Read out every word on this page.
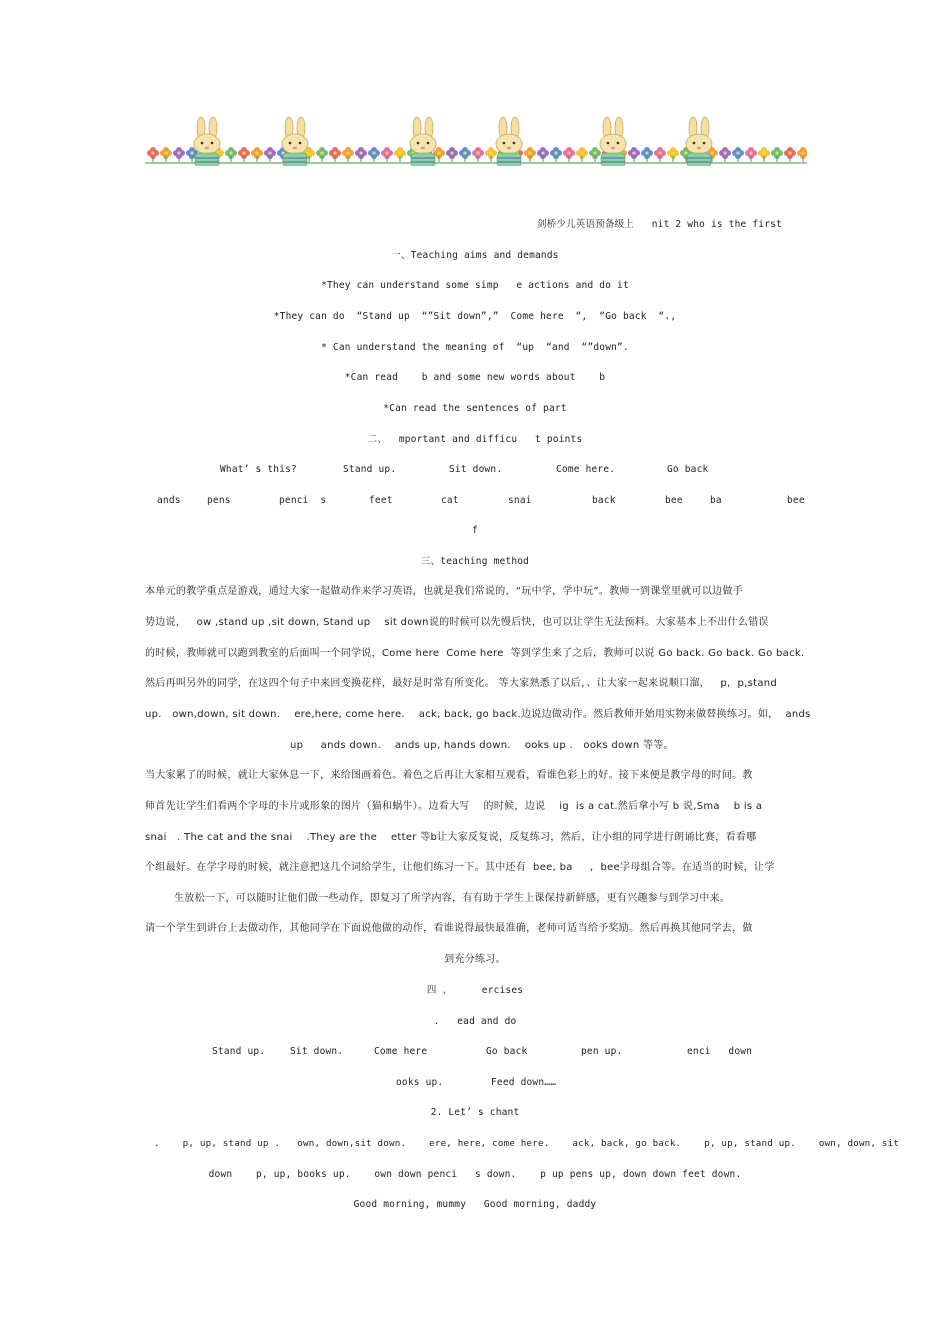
剑桥少儿英语预备级上   nit 2 who is the first
一、Teaching aims and demands
*They can understand some simp   e actions and do it
*They can do  “Stand up  “”Sit down”,”  Come here  “,  “Go back  “.,
* Can understand the meaning of  “up  “and  “”down”.
*Can read    b and some new words about    b
*Can read the sentences of part
二、  mportant and difficu   t points
What’ s this?	Stand up.	Sit down.	Come here.	Go back
ands	pens	penci  s	feet	cat	snai	back	bee	ba	bee
f
三、teaching method
本单元的教学重点是游戏，通过大家一起做动作来学习英语，也就是我们常说的，“玩中学，学中玩”。教师一到课堂里就可以边做手
势边说，   ow ,stand up ,sit down, Stand up    sit down说的时候可以先慢后快，也可以让学生无法预料。大家基本上不出什么错误
的时候，教师就可以跑到教室的后面叫一个同学说，Come here  Come here  等到学生来了之后，教师可以说 Go back. Go back. Go back.
然后再叫另外的同学，在这四个句子中来回变换花样，最好是时常有所变化。 等大家熟悉了以后，、让大家一起来说顺口溜，   p,  p,stand
up.   own,down, sit down.    ere,here, come here.    ack, back, go back.边说边做动作。然后教师开始用实物来做替换练习。如，  ands
up     ands down.    ands up, hands down.    ooks up .   ooks down 等等。
当大家累了的时候，就让大家休息一下，来给图画着色。着色之后再让大家相互观看，看谁色彩上的好。接下来便是教字母的时间。教
师首先让学生们看两个字母的卡片或形象的图片（猫和蜗牛）。边看大写    的时候，边说    ig  is a cat.然后拿小写 b 说,Sma    b is a
snai   . The cat and the snai    .They are the    etter 等b让大家反复说，反复练习，然后，让小组的同学进行朗诵比赛，看看哪
个组最好。在学字母的时候，就注意把这几个词给学生，让他们练习一下。其中还有  bee, ba     ,  bee字母组合等。在适当的时候，让学
生放松一下，可以随时让他们做一些动作，即复习了所学内容，有有助于学生上课保持新鲜感，更有兴趣参与到学习中来。
请一个学生到讲台上去做动作，其他同学在下面说他做的动作，看谁说得最快最准确，老师可适当给予奖励。然后再换其他同学去，做
到充分练习。
四 、     ercises
.   ead and do
Stand up.	Sit down.	Come here	Go back	pen up.	enci   down
ooks up.	Feed down……
2. Let’ s chant
.    p, up, stand up .   own, down,sit down.    ere, here, come here.    ack, back, go back.    p, up, stand up.    own, down, sit
down    p, up, books up.    own down penci   s down.    p up pens up, down down feet down.
Good morning, mummy   Good morning, daddy
